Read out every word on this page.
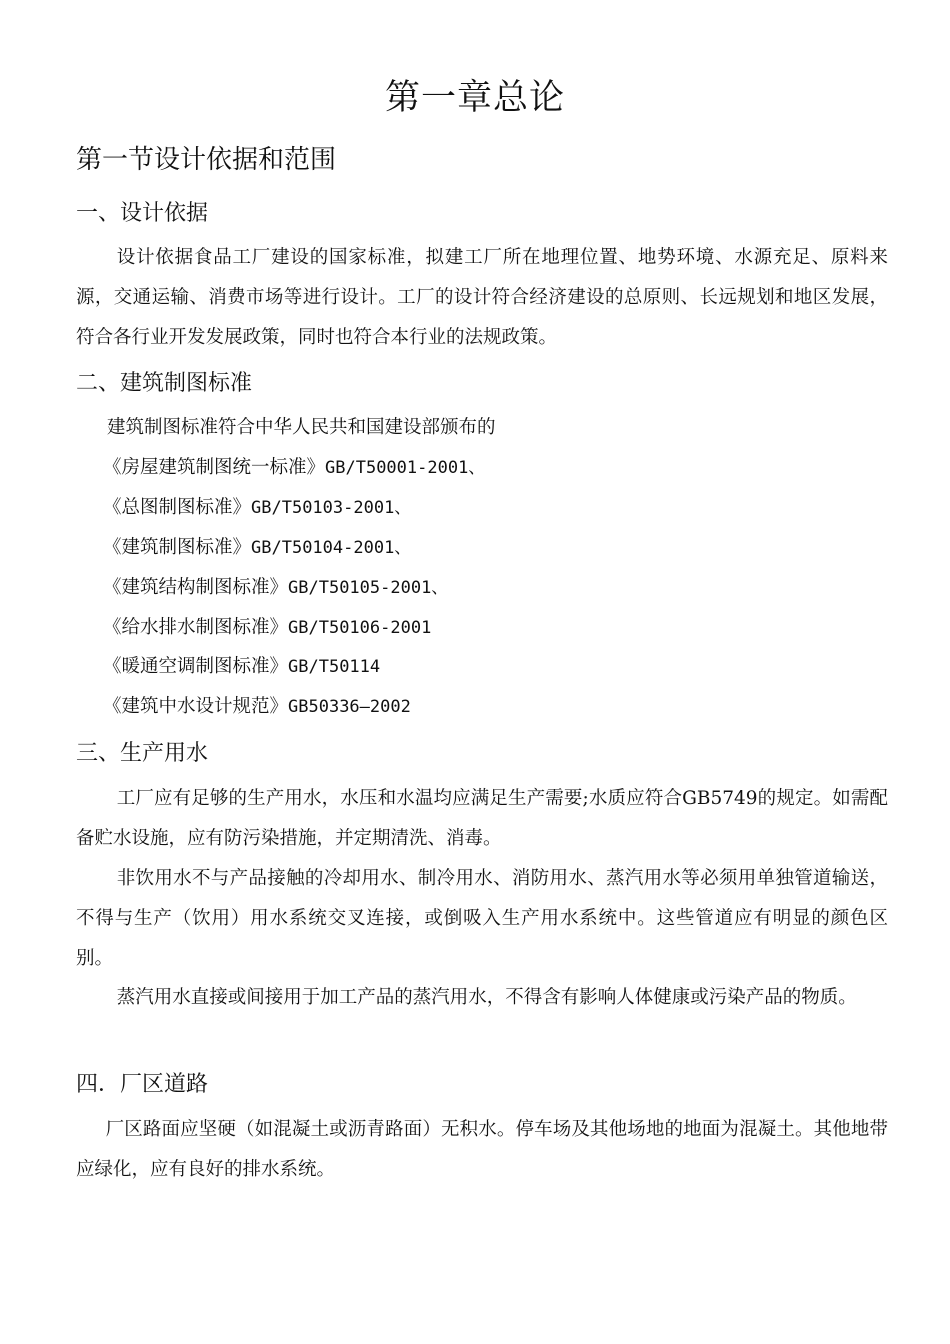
第一章总论
第一节设计依据和范围
一、设计依据

设计依据食品工厂建设的国家标准，拟建工厂所在地理位置、地势环境、水源充足、原料来源，交通运输、消费市场等进行设计。工厂的设计符合经济建设的总原则、长远规划和地区发展，符合各行业开发发展政策，同时也符合本行业的法规政策。

二、建筑制图标准
建筑制图标准符合中华人民共和国建设部颁布的
《房屋建筑制图统一标准》GB/T50001-2001、
《总图制图标准》GB/T50103-2001、
《建筑制图标准》GB/T50104-2001、
《建筑结构制图标准》GB/T50105-2001、
《给水排水制图标准》GB/T50106-2001
《暖通空调制图标准》GB/T50114
《建筑中水设计规范》GB50336—2002
三、生产用水

工厂应有足够的生产用水，水压和水温均应满足生产需要;水质应符合GB5749的规定。如需配备贮水设施，应有防污染措施，并定期清洗、消毒。

非饮用水不与产品接触的冷却用水、制冷用水、消防用水、蒸汽用水等必须用单独管道输送，不得与生产（饮用）用水系统交叉连接，或倒吸入生产用水系统中。这些管道应有明显的颜色区别。

蒸汽用水直接或间接用于加工产品的蒸汽用水，不得含有影响人体健康或污染产品的物质。

四．厂区道路

厂区路面应坚硬（如混凝土或沥青路面）无积水。停车场及其他场地的地面为混凝土。其他地带应绿化，应有良好的排水系统。
